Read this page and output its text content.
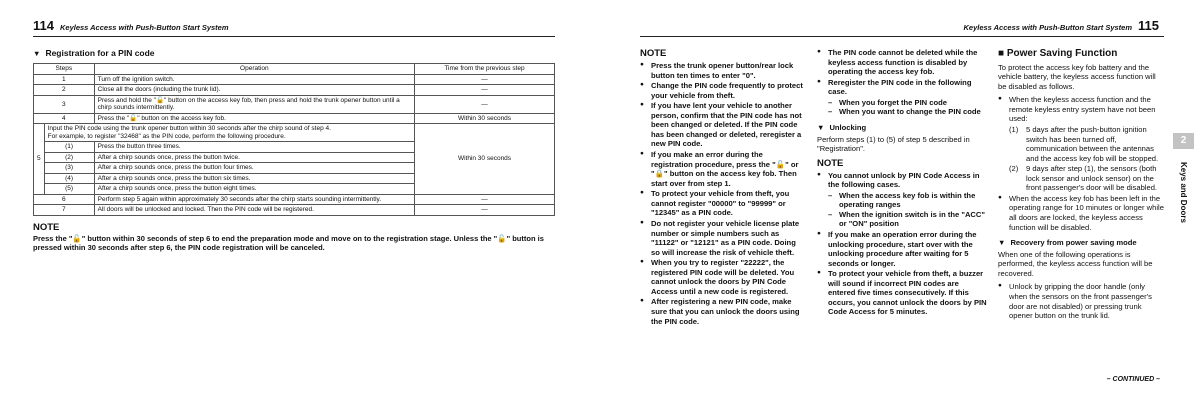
114 Keyless Access with Push-Button Start System	Keyless Access with Push-Button Start System 115
▼ Registration for a PIN code
Steps		Operation	Time from the previous step
1		Turn off the ignition switch.	—
2		Close all the doors (including the trunk lid).	—
3		Press and hold the "🔓" button on the access key fob, then press and hold the trunk opener button until a chirp sounds intermittently.	—
4		Press the "🔓" button on the access key fob.	Within 30 seconds
5	Input the PIN code using the trunk opener button within 30 seconds after the chirp sound of step 4.
For example, to register "32468" as the PIN code, perform the following procedure.		Within 30 seconds
	(1)	Press the button three times.	
	(2)	After a chirp sounds once, press the button twice.	
	(3)	After a chirp sounds once, press the button four times.	
	(4)	After a chirp sounds once, press the button six times.	
	(5)	After a chirp sounds once, press the button eight times.	
6		Perform step 5 again within approximately 30 seconds after the chirp starts sounding intermittently.	—
7		All doors will be unlocked and locked. Then the PIN code will be registered.	—
NOTE
Press the "🔓" button within 30 seconds of step 6 to end the preparation mode and move on to the registration stage. Unless the "🔓" button is pressed within 30 seconds after step 6, the PIN code registration will be canceled.
NOTE
● Press the trunk opener button/rear lock button ten times to enter "0".
● Change the PIN code frequently to protect your vehicle from theft.
● If you have lent your vehicle to another person, confirm that the PIN code has not been changed or deleted. If the PIN code has been changed or deleted, reregister a new PIN code.
● If you make an error during the registration procedure, press the "🔓" or "🔒" button on the access key fob. Then start over from step 1.
● To protect your vehicle from theft, you cannot register "00000" to "99999" or "12345" as a PIN code.
● Do not register your vehicle license plate number or simple numbers such as "11122" or "12121" as a PIN code. Doing so will increase the risk of vehicle theft.
● When you try to register "22222", the registered PIN code will be deleted. You cannot unlock the doors by PIN Code Access until a new code is registered.
● After registering a new PIN code, make sure that you can unlock the doors using the PIN code.
● The PIN code cannot be deleted while the keyless access function is disabled by operating the access key fob.
● Reregister the PIN code in the following case.
– When you forget the PIN code
– When you want to change the PIN code
▼ Unlocking
Perform steps (1) to (5) of step 5 described in "Registration".
NOTE
● You cannot unlock by PIN Code Access in the following cases.
– When the access key fob is within the operating ranges
– When the ignition switch is in the "ACC" or "ON" position
● If you make an operation error during the unlocking procedure, start over with the unlocking procedure after waiting for 5 seconds or longer.
● To protect your vehicle from theft, a buzzer will sound if incorrect PIN codes are entered five times consecutively. If this occurs, you cannot unlock the doors by PIN Code Access for 5 minutes.
■ Power Saving Function
To protect the access key fob battery and the vehicle battery, the keyless access function will be disabled as follows.
● When the keyless access function and the remote keyless entry system have not been used:
(1) 5 days after the push-button ignition switch has been turned off, communication between the antennas and the access key fob will be stopped.
(2) 9 days after step (1), the sensors (both lock sensor and unlock sensor) on the front passenger's door will be disabled.
● When the access key fob has been left in the operating range for 10 minutes or longer while all doors are locked, the keyless access function will be disabled.
▼ Recovery from power saving mode
When one of the following operations is performed, the keyless access function will be recovered.
● Unlock by gripping the door handle (only when the sensors on the front passenger's door are not disabled) or pressing trunk opener button on the trunk lid.
2
Keys and Doors
– CONTINUED –
